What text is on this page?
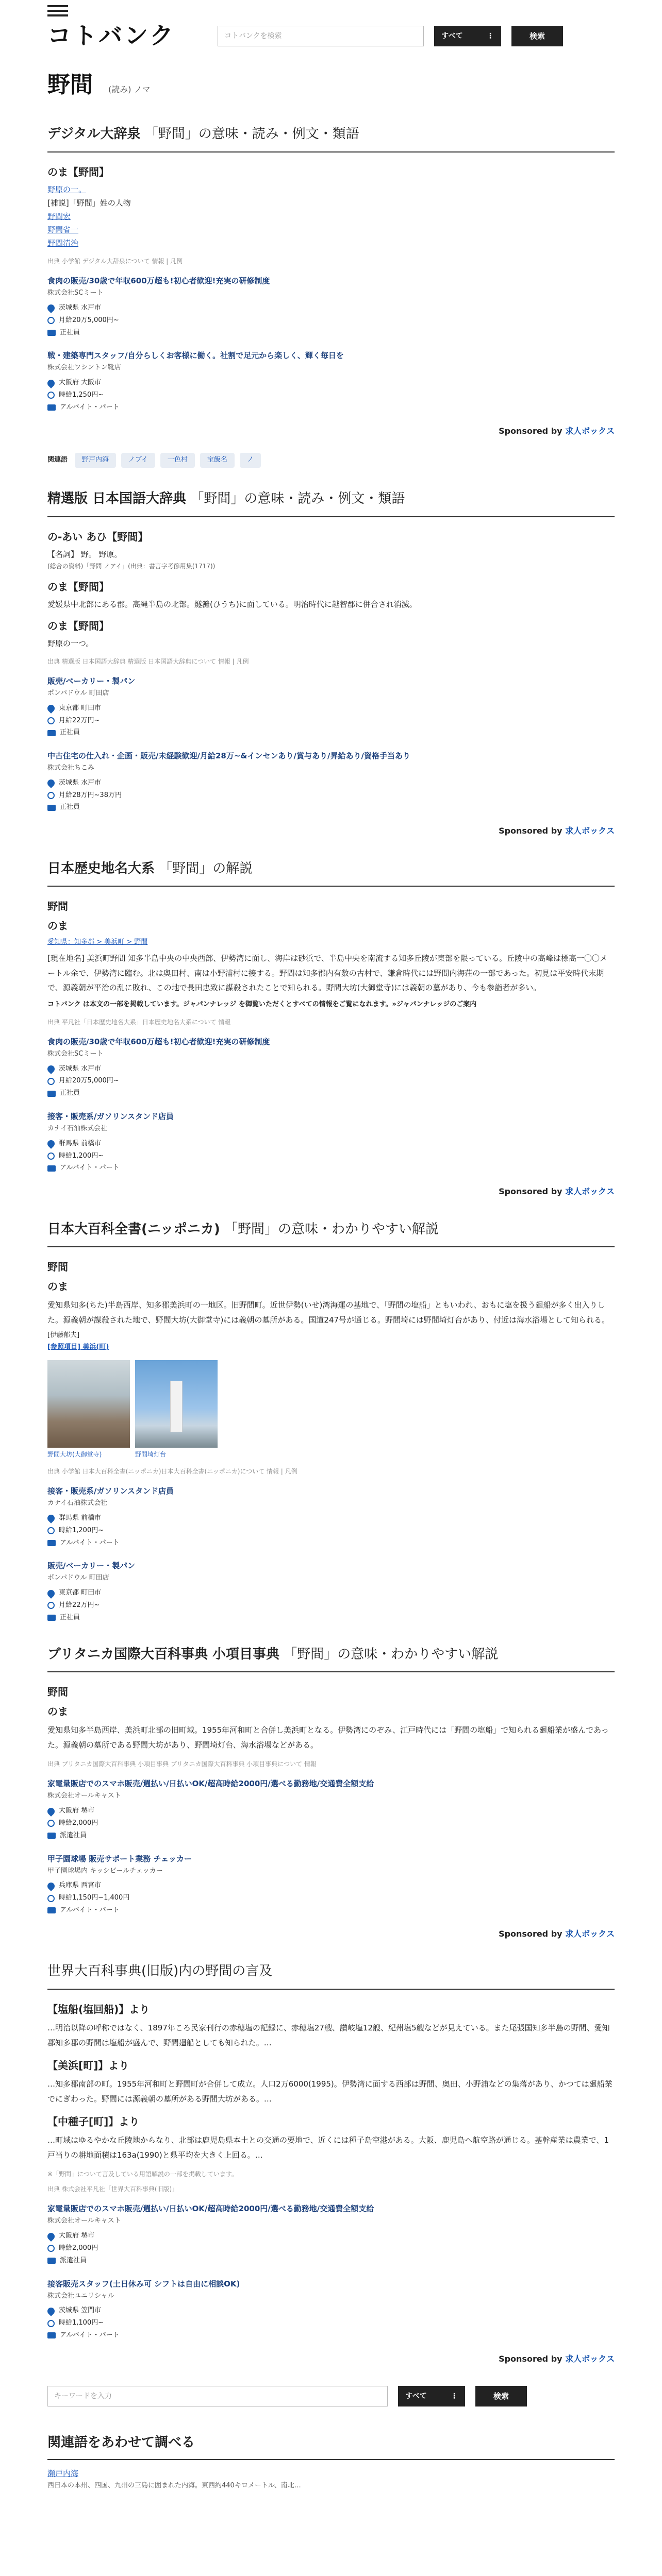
コトバンク	コトバンクを検索	すべて	⋮	検索
野間 (読み) ノマ
デジタル大辞泉 「野間」の意味・読み・例文・類語
のま【野間】
野原の一。
[補説]「野間」姓の人物
野間宏
野間省一
野間清治
出典 小学館 デジタル大辞泉について 情報 | 凡例
食肉の販売/30歳で年収600万超も!初心者歓迎!充実の研修制度
株式会社SCミート
茨城県 水戸市
月給20万5,000円~
正社員
戦・建築専門スタッフ/自分らしくお客様に働く。社割で足元から楽しく、輝く毎日を
株式会社ワシントン靴店
大阪府 大阪市
時給1,250円~
アルバイト・パート
Sponsored by 求人ボックス
関連語	野戸内海	ノブイ	一色村	宝飯名	ノ
精選版 日本国語大辞典 「野間」の意味・読み・例文・類語
の-あい あひ【野間】
【名詞】 野。 野原。
(総合の資料)「野間 ノアイ」(出典：書言字考節用集(1717))
のま【野間】
愛媛県中北部にある郡。高縄半島の北部。燧灘(ひうち)に面している。明治時代に越智郡に併合され消滅。
のま【野間】
野原の一つ。
出典 精選版 日本国語大辞典 精選版 日本国語大辞典について 情報 | 凡例
販売/ベーカリー・製パン
ポンパドウル 町田店
東京都 町田市
月給22万円~
正社員
中古住宅の仕入れ・企画・販売/未経験歓迎/月給28万~&インセンあり/賞与あり/昇給あり/資格手当あり
株式会社ちこみ
茨城県 水戸市
月給28万円~38万円
正社員
Sponsored by 求人ボックス
日本歴史地名大系 「野間」の解説
野間
のま
愛知県：知多郡 > 美浜町 > 野間
[現在地名] 美浜町野間 知多半島中央の中央西部、伊勢湾に面し、海岸は砂浜で、半島中央を南流する知多丘陵が東部を限っている。丘陵中の高峰は標高一〇〇メートル余で、伊勢湾に臨む。北は奥田村、南は小野浦村に接する。野間は知多郡内有数の古村で、鎌倉時代には野間内海荘の一部であった。初見は平安時代末期で、源義朝が平治の乱に敗れ、この地で長田忠致に謀殺されたことで知られる。野間大坊(大御堂寺)には義朝の墓があり、今も参詣者が多い。
コトバンク は本文の一部を掲載しています。ジャパンナレッジ を御覧いただくとすべての情報をご覧になれます。»ジャパンナレッジのご案内
出典 平凡社「日本歴史地名大系」日本歴史地名大系について 情報
食肉の販売/30歳で年収600万超も!初心者歓迎!充実の研修制度
株式会社SCミート
茨城県 水戸市
月給20万5,000円~
正社員
接客・販売系/ガソリンスタンド店員
カナイ石油株式会社
群馬県 前橋市
時給1,200円~
アルバイト・パート
Sponsored by 求人ボックス
日本大百科全書(ニッポニカ) 「野間」の意味・わかりやすい解説
野間
のま
愛知県知多(ちた)半島西岸、知多郡美浜町の一地区。旧野間町。近世伊勢(いせ)湾海運の基地で、「野間の塩船」ともいわれ、おもに塩を扱う廻船が多く出入りした。源義朝が謀殺された地で、野間大坊(大御堂寺)には義朝の墓所がある。国道247号が通じる。野間埼には野間埼灯台があり、付近は海水浴場として知られる。
[伊藤郁夫]
[参照項目] 美浜(町)
野間大坊(大御堂寺)	野間埼灯台
出典 小学館 日本大百科全書(ニッポニカ)日本大百科全書(ニッポニカ)について 情報 | 凡例
接客・販売系/ガソリンスタンド店員
カナイ石油株式会社
群馬県 前橋市
時給1,200円~
アルバイト・パート
販売/ベーカリー・製パン
ポンパドウル 町田店
東京都 町田市
月給22万円~
正社員
ブリタニカ国際大百科事典 小項目事典 「野間」の意味・わかりやすい解説
野間
のま
愛知県知多半島西岸、美浜町北部の旧町域。1955年河和町と合併し美浜町となる。伊勢湾にのぞみ、江戸時代には「野間の塩船」で知られる廻船業が盛んであった。源義朝の墓所である野間大坊があり、野間埼灯台、海水浴場などがある。
出典 ブリタニカ国際大百科事典 小項目事典 ブリタニカ国際大百科事典 小項目事典について 情報
家電量販店でのスマホ販売/週払い/日払いOK/超高時給2000円/選べる勤務地/交通費全額支給
株式会社オールキャスト
大阪府 堺市
時給2,000円
派遣社員
甲子園球場 販売サポート業務 チェッカー
甲子園球場内 キッシビールチェッカー
兵庫県 西宮市
時給1,150円~1,400円
アルバイト・パート
Sponsored by 求人ボックス
世界大百科事典(旧版)内の野間の言及
【塩船(塩回船)】より
…明治以降の呼称ではなく、1897年ころ民家刊行の赤穂塩の記録に、赤穂塩27艘、讃岐塩12艘、紀州塩5艘などが見えている。また尾張国知多半島の野間、愛知郡知多郡の野間は塩船が盛んで、野間廻船としても知られた。…
【美浜[町]】より
…知多郡南部の町。1955年河和町と野間町が合併して成立。人口2万6000(1995)。伊勢湾に面する西部は野間、奥田、小野浦などの集落があり、かつては廻船業でにぎわった。野間には源義朝の墓所がある野間大坊がある。…
【中種子[町]】より
…町域はゆるやかな丘陵地からなり、北部は鹿児島県本土との交通の要地で、近くには種子島空港がある。大阪、鹿児島へ航空路が通じる。基幹産業は農業で、1戸当りの耕地面積は163a(1990)と県平均を大きく上回る。…
※「野間」について言及している用語解説の一部を掲載しています。
出典 株式会社平凡社「世界大百科事典(旧版)」
家電量販店でのスマホ販売/週払い/日払いOK/超高時給2000円/選べる勤務地/交通費全額支給
株式会社オールキャスト
大阪府 堺市
時給2,000円
派遣社員
接客販売スタッフ(土日休み可 シフトは自由に相談OK)
株式会社ユニリシャル
茨城県 笠間市
時給1,100円~
アルバイト・パート
Sponsored by 求人ボックス
キーワードを入力	すべて	⋮	検索
関連語をあわせて調べる
瀬戸内海
西日本の本州、四国、九州の三島に囲まれた内海。東西約440キロメートル、南北…
